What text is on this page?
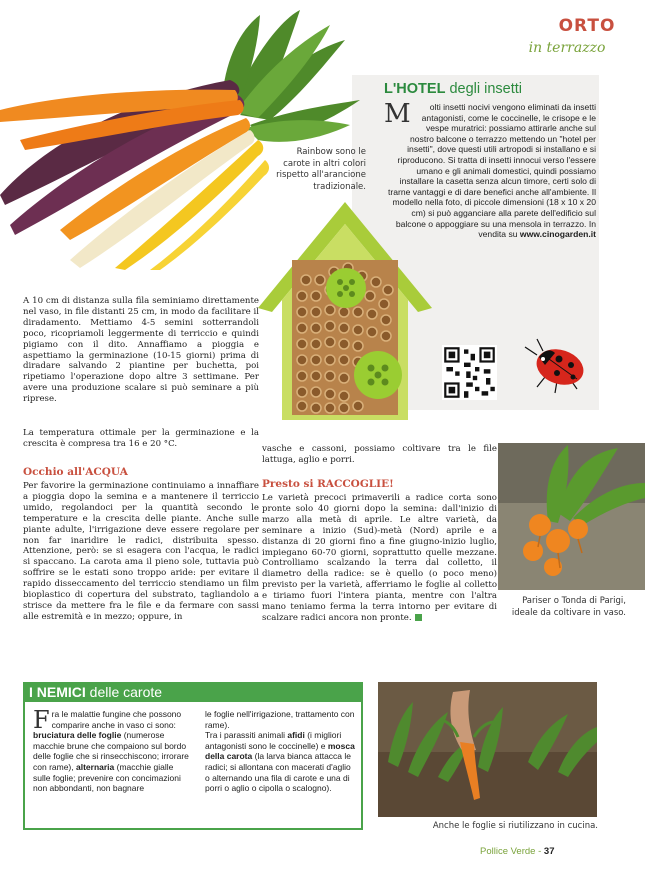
ORTO
in terrazzo
Rainbow sono le carote in altri colori rispetto all'arancione tradizionale.
L'HOTEL degli insetti
M olti insetti nocivi vengono eliminati da insetti antagonisti, come le coccinelle, le crisope e le vespe muratrici: possiamo attirarle anche sul nostro balcone o terrazzo mettendo un "hotel per insetti", dove questi utili artropodi si installano e si riproducono. Si tratta di insetti innocui verso l'essere umano e gli animali domestici, quindi possiamo installare la casetta senza alcun timore, certi solo di trarne vantaggi e di dare benefici anche all'ambiente. Il modello nella foto, di piccole dimensioni (18 x 10 x 20 cm) si può agganciare alla parete dell'edificio sul balcone o appoggiare su una mensola in terrazzo. In vendita su www.cinogarden.it
A 10 cm di distanza sulla fila seminiamo direttamente nel vaso, in file distanti 25 cm, in modo da facilitare il diradamento. Mettiamo 4-5 semini sotterrandoli poco, ricopriamoli leggermente di terriccio e quindi pigiamo con il dito. Annaffiamo a pioggia e aspettiamo la germinazione (10-15 giorni) prima di diradare salvando 2 piantine per buchetta, poi ripetiamo l'operazione dopo altre 3 settimane. Per avere una produzione scalare si può seminare a più riprese.
La temperatura ottimale per la germinazione e la crescita è compresa tra 16 e 20 °C.
Occhio all'ACQUA
Per favorire la germinazione continuiamo a innaffiare a pioggia dopo la semina e a mantenere il terriccio umido, regolandoci per la quantità secondo le temperature e la crescita delle piante. Anche sulle piante adulte, l'irrigazione deve essere regolare per non far inaridire le radici, distribuita spesso. Attenzione, però: se si esagera con l'acqua, le radici si spaccano. La carota ama il pieno sole, tuttavia può soffrire se le estati sono troppo aride: per evitare il rapido disseccamento del terriccio stendiamo un film bioplastico di copertura del substrato, tagliandolo a strisce da mettere fra le file e da fermare con sassi alle estremità e in mezzo; oppure, in
vasche e cassoni, possiamo coltivare tra le file lattuga, aglio e porri.
Presto si RACCOGLIE!
Le varietà precoci primaverili a radice corta sono pronte solo 40 giorni dopo la semina: dall'inizio di marzo alla metà di aprile. Le altre varietà, da seminare a inizio (Sud)-metà (Nord) aprile e a distanza di 20 giorni fino a fine giugno-inizio luglio, impiegano 60-70 giorni, soprattutto quelle mezzane. Controlliamo scalzando la terra dal colletto, il diametro della radice: se è quello (o poco meno) previsto per la varietà, afferriamo le foglie al colletto e tiriamo fuori l'intera pianta, mentre con l'altra mano teniamo ferma la terra intorno per evitare di scalzare radici ancora non pronte.
Pariser o Tonda di Parigi, ideale da coltivare in vaso.
I NEMICI delle carote
Fra le malattie fungine che possono comparire anche in vaso ci sono: bruciatura delle foglie (numerose macchie brune che compaiono sul bordo delle foglie che si rinsecchiscono; irrorare con rame), alternaria (macchie gialle sulle foglie; prevenire con concimazioni non abbondanti, non bagnare
le foglie nell'irrigazione, trattamento con rame).
Tra i parassiti animali afidi (i migliori antagonisti sono le coccinelle) e mosca della carota (la larva bianca attacca le radici; si allontana con macerati d'aglio o alternando una fila di carote e una di porri o aglio o cipolla o scalogno).
Anche le foglie si riutilizzano in cucina.
Pollice Verde - 37
